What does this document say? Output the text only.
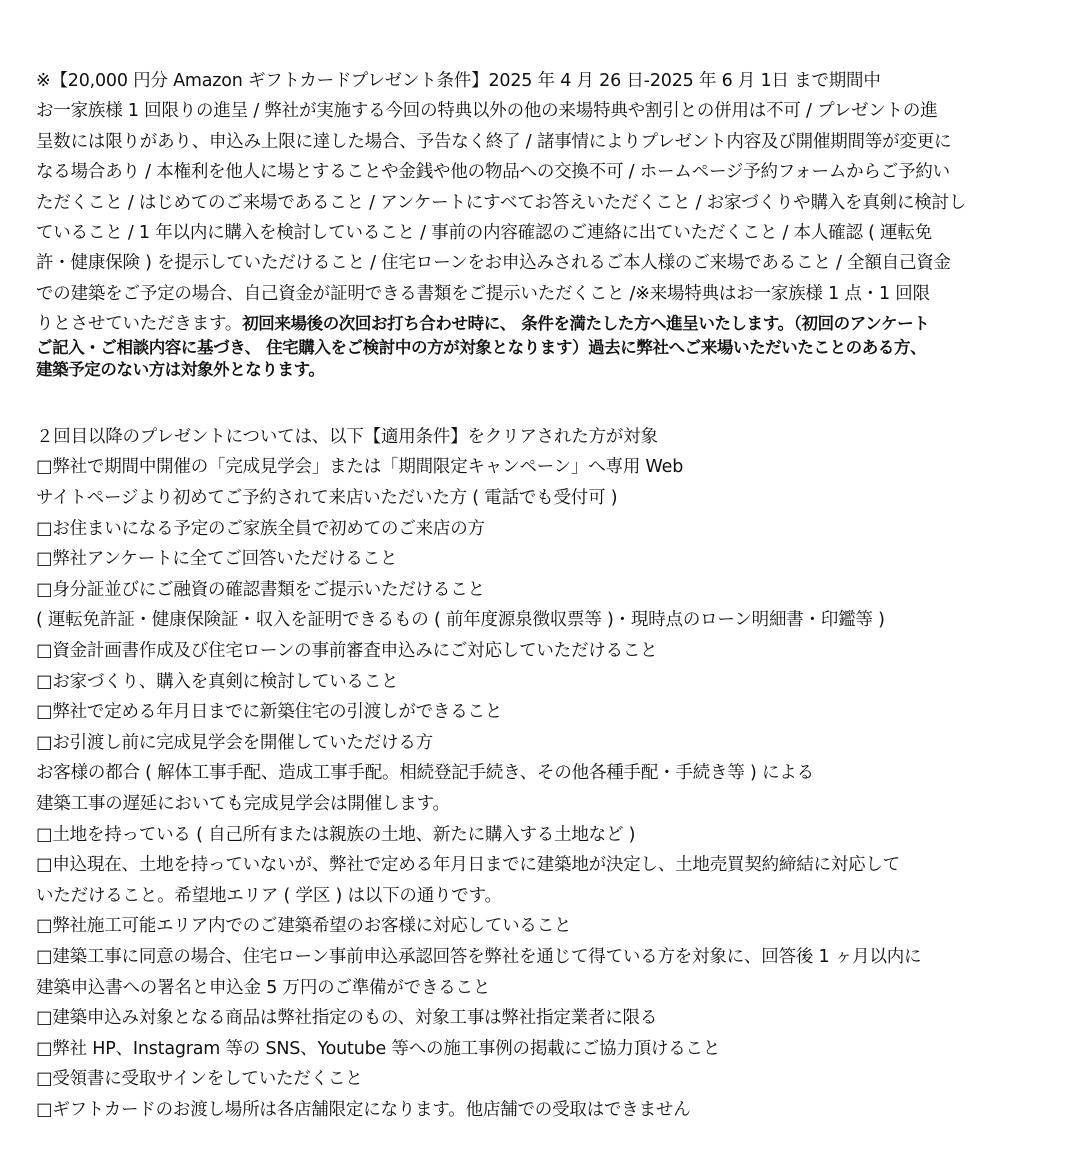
※【20,000 円分 Amazon ギフトカードプレゼント条件】2025 年 4 月 26 日-2025 年 6 月 1日 まで期間中

お一家族様 1 回限りの進呈 / 弊社が実施する今回の特典以外の他の来場特典や割引との併用は不可 / プレゼントの進

呈数には限りがあり、申込み上限に達した場合、予告なく終了 / 諸事情によりプレゼント内容及び開催期間等が変更に

なる場合あり / 本権利を他人に場とすることや金銭や他の物品への交換不可 / ホームページ予約フォームからご予約い

ただくこと / はじめてのご来場であること / アンケートにすべてお答えいただくこと / お家づくりや購入を真剣に検討し

ていること / 1 年以内に購入を検討していること / 事前の内容確認のご連絡に出ていただくこと / 本人確認 ( 運転免

許・健康保険 ) を提示していただけること / 住宅ローンをお申込みされるご本人様のご来場であること / 全額自己資金

での建築をご予定の場合、自己資金が証明できる書類をご提示いただくこと /※来場特典はお一家族様 1 点・1 回限

りとさせていただきます。初回来場後の次回お打ち合わせ時に、 条件を満たした方へ進呈いたします。（初回のアンケート

ご記入・ご相談内容に基づき、 住宅購入をご検討中の方が対象となります）過去に弊社へご来場いただいたことのある方、
建築予定のない方は対象外となります。

２回目以降のプレゼントについては、以下【適用条件】をクリアされた方が対象

□弊社で期間中開催の「完成見学会」または「期間限定キャンペーン」へ専用 Web

サイトページより初めてご予約されて来店いただいた方 ( 電話でも受付可 )

□お住まいになる予定のご家族全員で初めてのご来店の方

□弊社アンケートに全てご回答いただけること

□身分証並びにご融資の確認書類をご提示いただけること

( 運転免許証・健康保険証・収入を証明できるもの ( 前年度源泉徴収票等 )・現時点のローン明細書・印鑑等 )

□資金計画書作成及び住宅ローンの事前審査申込みにご対応していただけること

□お家づくり、購入を真剣に検討していること

□弊社で定める年月日までに新築住宅の引渡しができること

□お引渡し前に完成見学会を開催していただける方

お客様の都合 ( 解体工事手配、造成工事手配。相続登記手続き、その他各種手配・手続き等 ) による

建築工事の遅延においても完成見学会は開催します。

□土地を持っている ( 自己所有または親族の土地、新たに購入する土地など )

□申込現在、土地を持っていないが、弊社で定める年月日までに建築地が決定し、土地売買契約締結に対応して

いただけること。希望地エリア ( 学区 ) は以下の通りです。

□弊社施工可能エリア内でのご建築希望のお客様に対応していること

□建築工事に同意の場合、住宅ローン事前申込承認回答を弊社を通じて得ている方を対象に、回答後 1 ヶ月以内に

建築申込書への署名と申込金 5 万円のご準備ができること

□建築申込み対象となる商品は弊社指定のもの、対象工事は弊社指定業者に限る

□弊社 HP、Instagram 等の SNS、Youtube 等への施工事例の掲載にご協力頂けること

□受領書に受取サインをしていただくこと

□ギフトカードのお渡し場所は各店舗限定になります。他店舗での受取はできません
